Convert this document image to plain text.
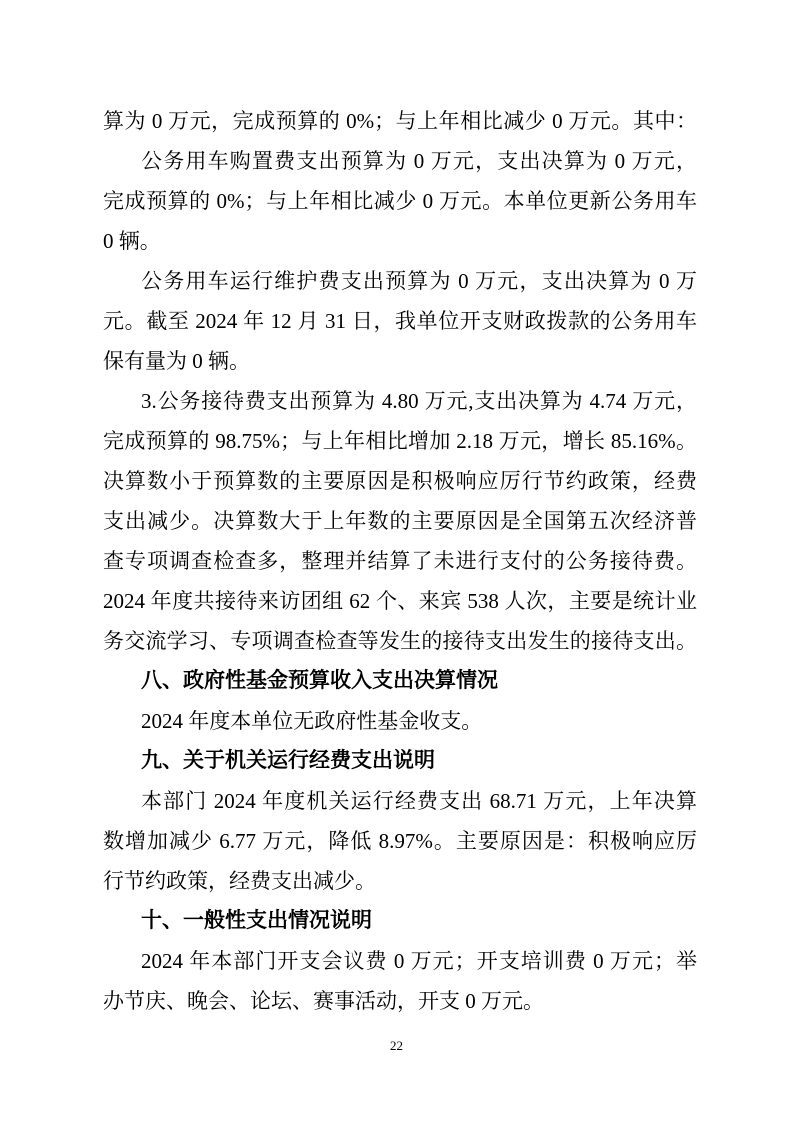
算为 0 万元，完成预算的 0%；与上年相比减少 0 万元。其中：
公务用车购置费支出预算为 0 万元，支出决算为 0 万元，
完成预算的 0%；与上年相比减少 0 万元。本单位更新公务用车
0 辆。
公务用车运行维护费支出预算为 0 万元，支出决算为 0 万
元。截至 2024 年 12 月 31 日，我单位开支财政拨款的公务用车
保有量为 0 辆。
3.公务接待费支出预算为 4.80 万元,支出决算为 4.74 万元，
完成预算的 98.75%；与上年相比增加 2.18 万元，增长 85.16%。
决算数小于预算数的主要原因是积极响应厉行节约政策，经费
支出减少。决算数大于上年数的主要原因是全国第五次经济普
查专项调查检查多，整理并结算了未进行支付的公务接待费。
2024 年度共接待来访团组 62 个、来宾 538 人次，主要是统计业
务交流学习、专项调查检查等发生的接待支出发生的接待支出。
八、政府性基金预算收入支出决算情况
2024 年度本单位无政府性基金收支。
九、关于机关运行经费支出说明
本部门 2024 年度机关运行经费支出 68.71 万元，上年决算
数增加减少 6.77 万元，降低 8.97%。主要原因是：积极响应厉
行节约政策，经费支出减少。
十、一般性支出情况说明
2024 年本部门开支会议费 0 万元；开支培训费 0 万元；举
办节庆、晚会、论坛、赛事活动，开支 0 万元。
22
